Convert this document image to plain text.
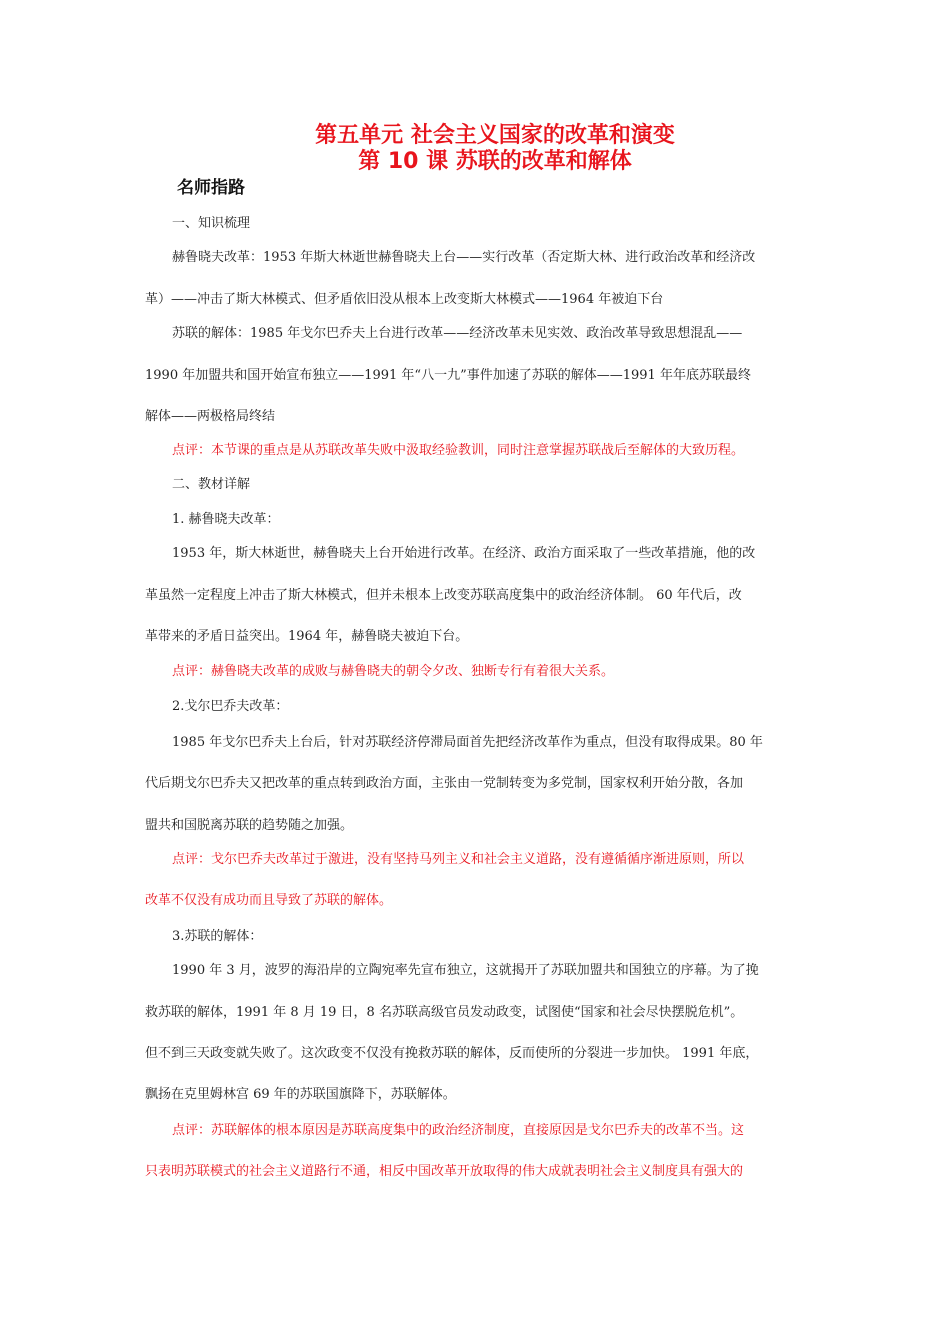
第五单元 社会主义国家的改革和演变
第 10 课 苏联的改革和解体
名师指路
一、知识梳理
赫鲁晓夫改革：1953 年斯大林逝世赫鲁晓夫上台——实行改革（否定斯大林、进行政治改革和经济改
革）——冲击了斯大林模式、但矛盾依旧没从根本上改变斯大林模式——1964 年被迫下台
苏联的解体：1985 年戈尔巴乔夫上台进行改革——经济改革未见实效、政治改革导致思想混乱——
1990 年加盟共和国开始宣布独立——1991 年“八一九”事件加速了苏联的解体——1991 年年底苏联最终
解体——两极格局终结
点评：本节课的重点是从苏联改革失败中汲取经验教训，同时注意掌握苏联战后至解体的大致历程。
二、教材详解
1. 赫鲁晓夫改革：
1953 年，斯大林逝世，赫鲁晓夫上台开始进行改革。在经济、政治方面采取了一些改革措施，他的改
革虽然一定程度上冲击了斯大林模式，但并未根本上改变苏联高度集中的政治经济体制。 60 年代后，改
革带来的矛盾日益突出。1964 年，赫鲁晓夫被迫下台。
点评：赫鲁晓夫改革的成败与赫鲁晓夫的朝令夕改、独断专行有着很大关系。
2.戈尔巴乔夫改革：
1985 年戈尔巴乔夫上台后，针对苏联经济停滞局面首先把经济改革作为重点，但没有取得成果。80 年
代后期戈尔巴乔夫又把改革的重点转到政治方面，主张由一党制转变为多党制，国家权利开始分散，各加
盟共和国脱离苏联的趋势随之加强。
点评：戈尔巴乔夫改革过于激进，没有坚持马列主义和社会主义道路，没有遵循循序渐进原则，所以
改革不仅没有成功而且导致了苏联的解体。
3.苏联的解体：
1990 年 3 月，波罗的海沿岸的立陶宛率先宣布独立，这就揭开了苏联加盟共和国独立的序幕。为了挽
救苏联的解体，1991 年 8 月 19 日，8 名苏联高级官员发动政变，试图使“国家和社会尽快摆脱危机”。
但不到三天政变就失败了。这次政变不仅没有挽救苏联的解体，反而使所的分裂进一步加快。 1991 年底，
飘扬在克里姆林宫 69 年的苏联国旗降下，苏联解体。
点评：苏联解体的根本原因是苏联高度集中的政治经济制度，直接原因是戈尔巴乔夫的改革不当。这
只表明苏联模式的社会主义道路行不通，相反中国改革开放取得的伟大成就表明社会主义制度具有强大的
